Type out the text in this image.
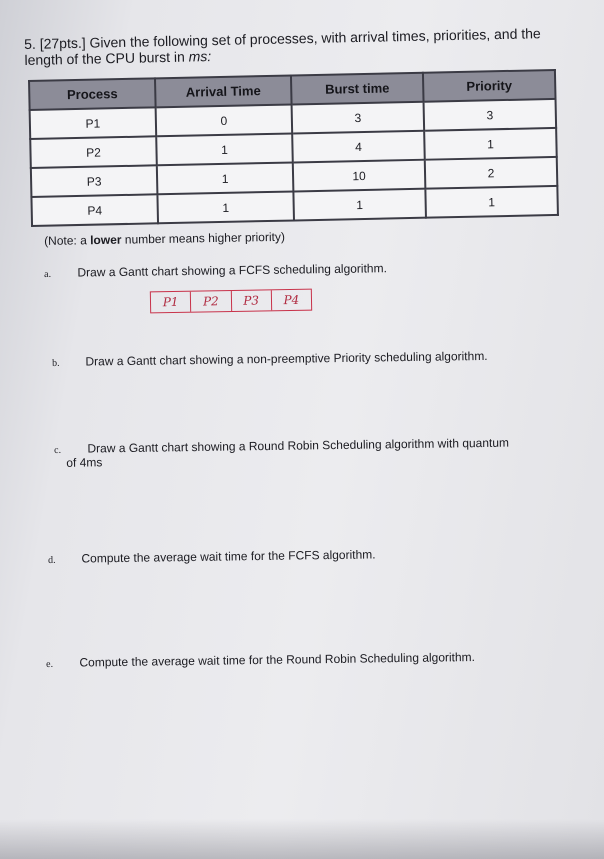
5. [27pts.] Given the following set of processes, with arrival times, priorities, and the
length of the CPU burst in ms:
Process	Arrival Time	Burst time	Priority
P1	0	3	3
P2	1	4	1
P3	1	10	2
P4	1	1	1
(Note: a lower number means higher priority)
a. Draw a Gantt chart showing a FCFS scheduling algorithm.
P1	P2	P3	P4
b. Draw a Gantt chart showing a non-preemptive Priority scheduling algorithm.
c. Draw a Gantt chart showing a Round Robin Scheduling algorithm with quantum
of 4ms
d. Compute the average wait time for the FCFS algorithm.
e. Compute the average wait time for the Round Robin Scheduling algorithm.
